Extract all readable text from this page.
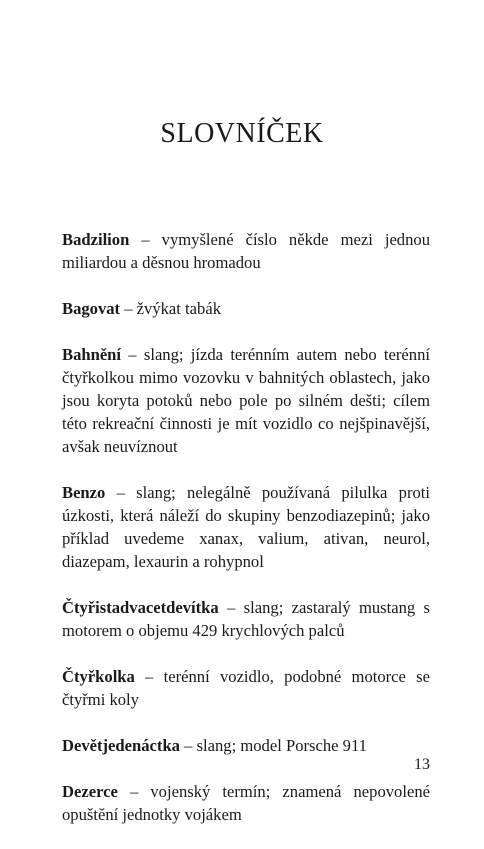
SLOVNÍČEK

Badzilion – vymyšlené číslo někde mezi jednou miliardou a děsnou hromadou

Bagovat – žvýkat tabák

Bahnění – slang; jízda terénním autem nebo terénní čtyřkolkou mimo vozovku v bahnitých oblastech, jako jsou koryta potoků nebo pole po silném dešti; cílem této rekreační činnosti je mít vozidlo co nejšpinavější, avšak neuvíznout

Benzo – slang; nelegálně používaná pilulka proti úzkosti, která náleží do skupiny benzodiazepinů; jako příklad uvedeme xanax, valium, ativan, neurol, diazepam, lexaurin a rohypnol

Čtyřistadvacetdevítka – slang; zastaralý mustang s motorem o objemu 429 krychlových palců

Čtyřkolka – terénní vozidlo, podobné motorce se čtyřmi koly

Devětjedenáctka – slang; model Porsche 911

Dezerce – vojenský termín; znamená nepovolené opuštění jednotky vojákem

13
